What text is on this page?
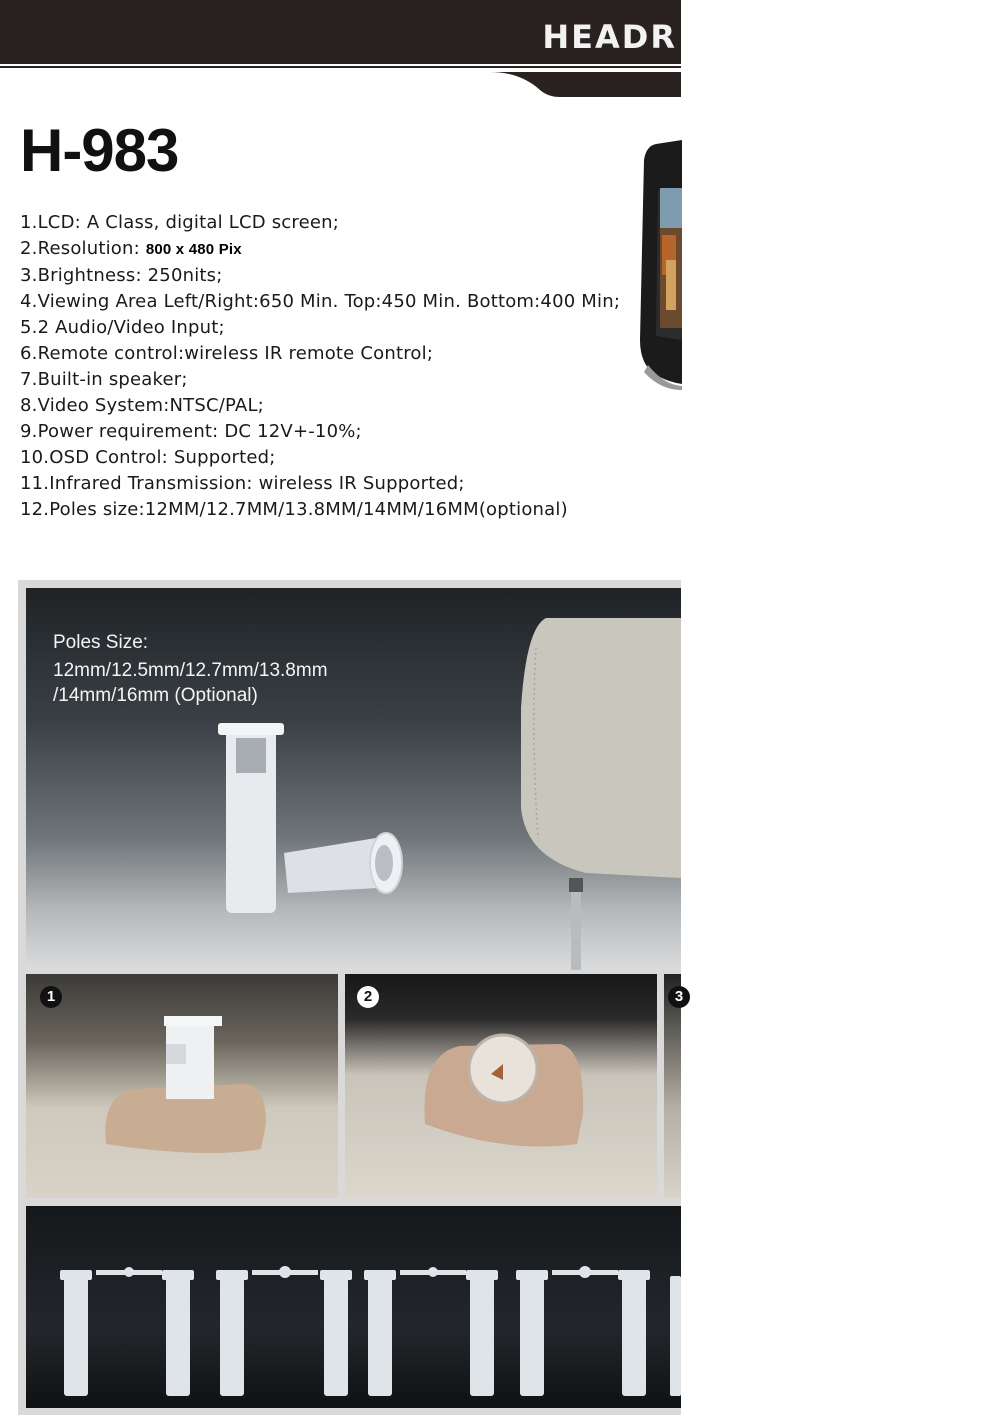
HEADR
H-983
1.LCD: A Class, digital LCD screen;
2.Resolution: 800 x 480 Pix
3.Brightness: 250nits;
4.Viewing Area Left/Right:650 Min. Top:450 Min. Bottom:400 Min;
5.2 Audio/Video Input;
6.Remote control:wireless IR remote Control;
7.Built-in speaker;
8.Video System:NTSC/PAL;
9.Power requirement: DC 12V+-10%;
10.OSD Control: Supported;
11.Infrared Transmission: wireless IR Supported;
12.Poles size:12MM/12.7MM/13.8MM/14MM/16MM(optional)
Poles Size:
12mm/12.5mm/12.7mm/13.8mm
/14mm/16mm (Optional)
1	2	3
